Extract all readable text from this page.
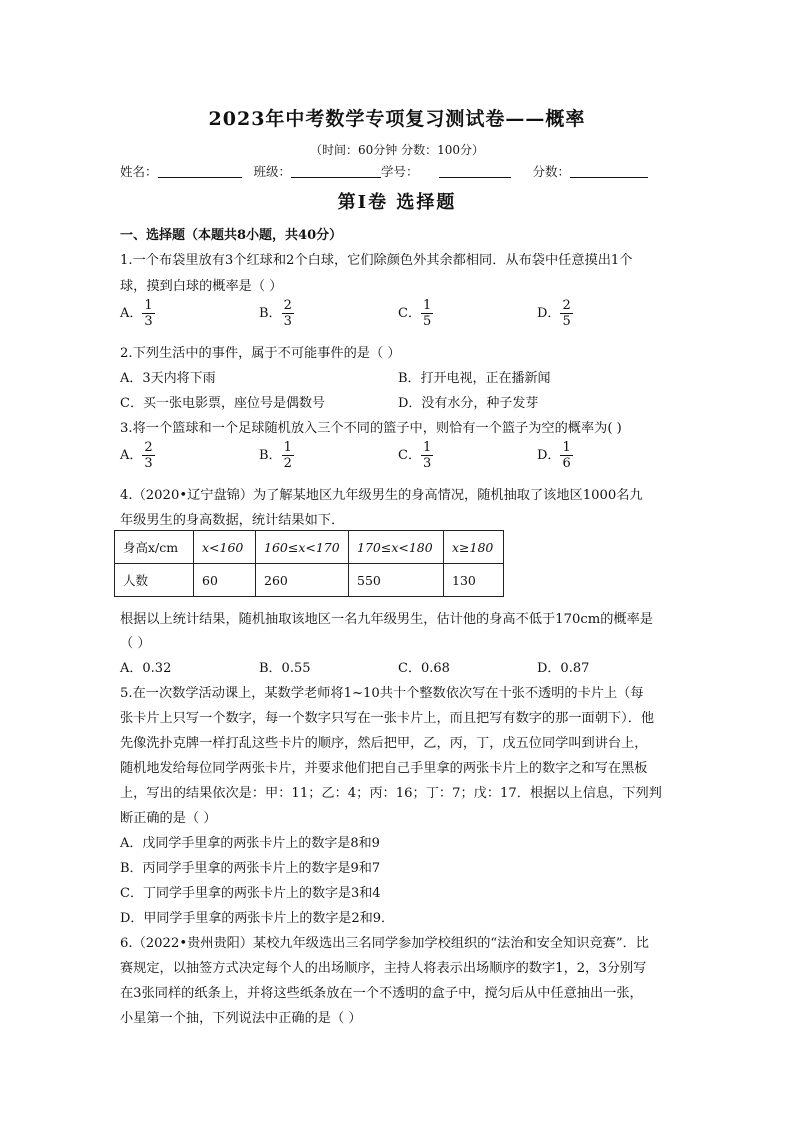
2023年中考数学专项复习测试卷——概率
（时间：60分钟 分数：100分）
姓名：	班级：	学号：	分数：
第Ⅰ卷 选择题
一、选择题（本题共8小题，共40分）
1.一个布袋里放有3个红球和2个白球，它们除颜色外其余都相同．从布袋中任意摸出1个
球，摸到白球的概率是（ ）
A． $\frac{1}{3}$	B． $\frac{2}{3}$	C． $\frac{1}{5}$	D． $\frac{2}{5}$
2.下列生活中的事件，属于不可能事件的是（ ）
A．3天内将下雨	B．打开电视，正在播新闻
C．买一张电影票，座位号是偶数号	D．没有水分，种子发芽
3.将一个篮球和一个足球随机放入三个不同的篮子中，则恰有一个篮子为空的概率为( )
A． $\frac{2}{3}$	B． $\frac{1}{2}$	C． $\frac{1}{3}$	D． $\frac{1}{6}$
4.（2020•辽宁盘锦）为了解某地区九年级男生的身高情况，随机抽取了该地区1000名九
年级男生的身高数据，统计结果如下．
身高x/cm	x<160	160≤x<170	170≤x<180	x≥180
人数	60	260	550	130
根据以上统计结果，随机抽取该地区一名九年级男生，估计他的身高不低于170cm的概率是
（ ）
A．0.32	B．0.55	C．0.68	D．0.87
5.在一次数学活动课上，某数学老师将1~10共十个整数依次写在十张不透明的卡片上（每
张卡片上只写一个数字，每一个数字只写在一张卡片上，而且把写有数字的那一面朝下）．他
先像洗扑克牌一样打乱这些卡片的顺序，然后把甲，乙，丙，丁，戊五位同学叫到讲台上，
随机地发给每位同学两张卡片，并要求他们把自己手里拿的两张卡片上的数字之和写在黑板
上，写出的结果依次是：甲：11；乙：4；丙：16；丁：7；戊：17．根据以上信息，下列判
断正确的是（ ）
A．戊同学手里拿的两张卡片上的数字是8和9
B．丙同学手里拿的两张卡片上的数字是9和7
C．丁同学手里拿的两张卡片上的数字是3和4
D．甲同学手里拿的两张卡片上的数字是2和9．
6.（2022•贵州贵阳）某校九年级选出三名同学参加学校组织的“法治和安全知识竞赛”．比
赛规定，以抽签方式决定每个人的出场顺序，主持人将表示出场顺序的数字1，2，3分别写
在3张同样的纸条上，并将这些纸条放在一个不透明的盒子中，搅匀后从中任意抽出一张，
小星第一个抽，下列说法中正确的是（ ）
